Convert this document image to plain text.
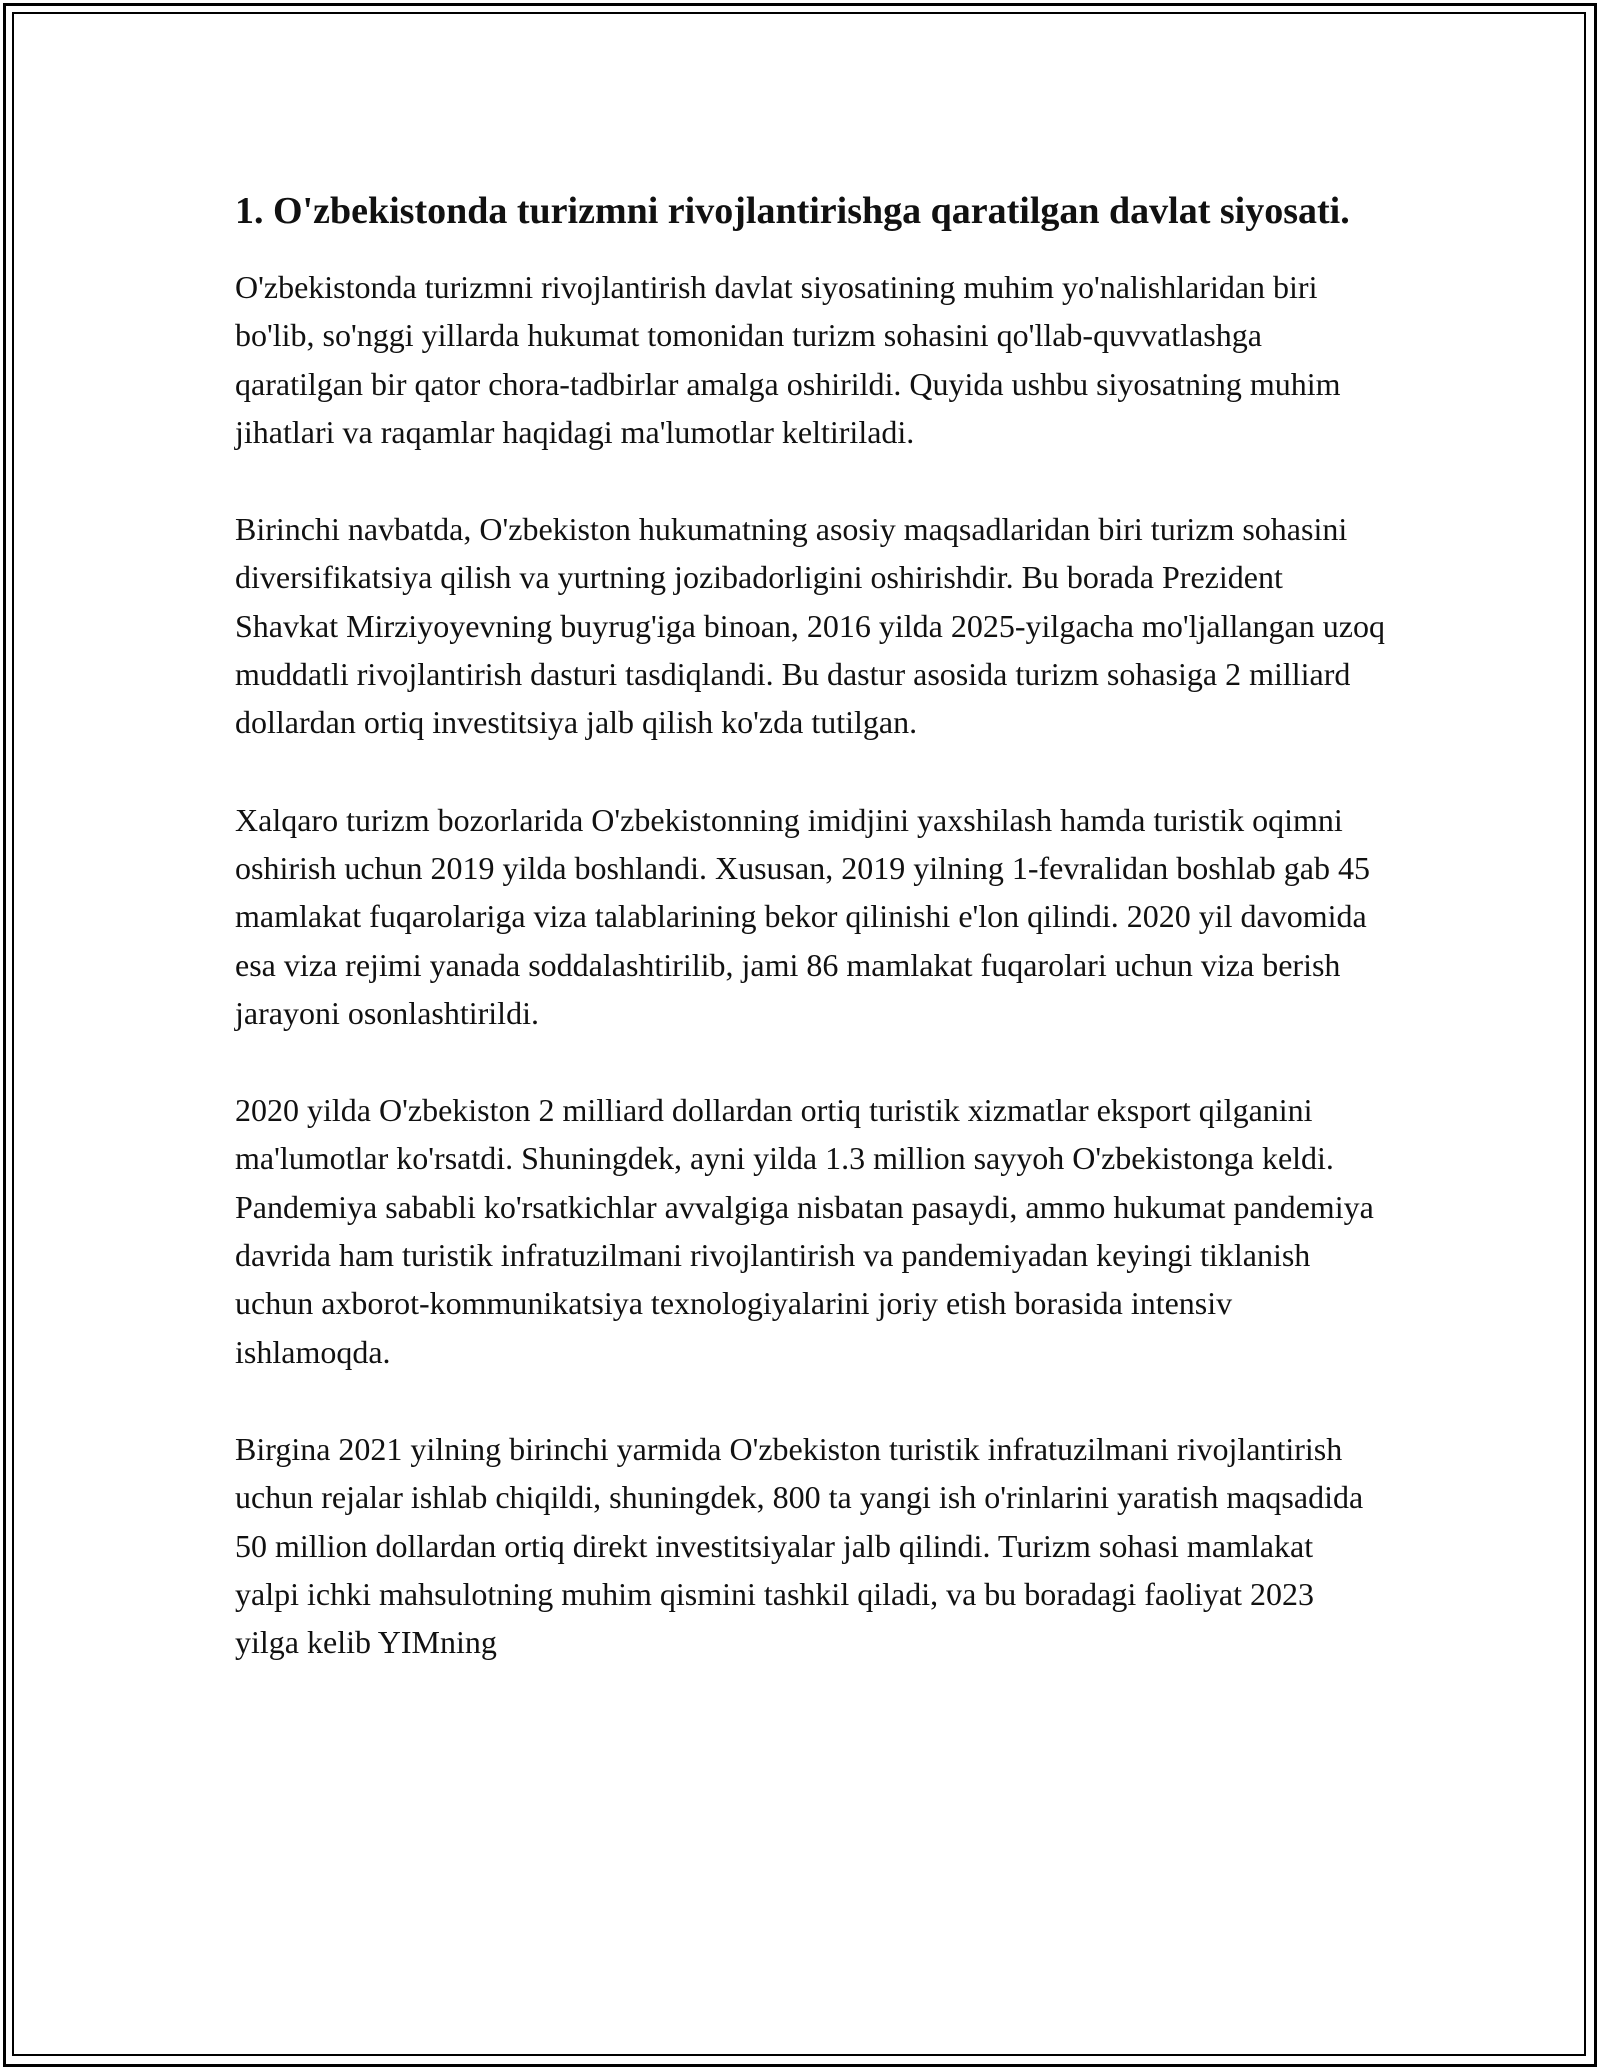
1. O'zbekistonda turizmni rivojlantirishga qaratilgan davlat siyosati.

O'zbekistonda turizmni rivojlantirish davlat siyosatining muhim yo'nalishlaridan biri bo'lib, so'nggi yillarda hukumat tomonidan turizm sohasini qo'llab-quvvatlashga qaratilgan bir qator chora-tadbirlar amalga oshirildi. Quyida ushbu siyosatning muhim jihatlari va raqamlar haqidagi ma'lumotlar keltiriladi.

Birinchi navbatda, O'zbekiston hukumatning asosiy maqsadlaridan biri turizm sohasini diversifikatsiya qilish va yurtning jozibadorligini oshirishdir. Bu borada Prezident Shavkat Mirziyoyevning buyrug'iga binoan, 2016 yilda 2025-yilgacha mo'ljallangan uzoq muddatli rivojlantirish dasturi tasdiqlandi. Bu dastur asosida turizm sohasiga 2 milliard dollardan ortiq investitsiya jalb qilish ko'zda tutilgan.

Xalqaro turizm bozorlarida O'zbekistonning imidjini yaxshilash hamda turistik oqimni oshirish uchun 2019 yilda boshlandi. Xususan, 2019 yilning 1-fevralidan boshlab gab 45 mamlakat fuqarolariga viza talablarining bekor qilinishi e'lon qilindi. 2020 yil davomida esa viza rejimi yanada soddalashtirilib, jami 86 mamlakat fuqarolari uchun viza berish jarayoni osonlashtirildi.

2020 yilda O'zbekiston 2 milliard dollardan ortiq turistik xizmatlar eksport qilganini ma'lumotlar ko'rsatdi. Shuningdek, ayni yilda 1.3 million sayyoh O'zbekistonga keldi. Pandemiya sababli ko'rsatkichlar avvalgiga nisbatan pasaydi, ammo hukumat pandemiya davrida ham turistik infratuzilmani rivojlantirish va pandemiyadan keyingi tiklanish uchun axborot-kommunikatsiya texnologiyalarini joriy etish borasida intensiv ishlamoqda.

Birgina 2021 yilning birinchi yarmida O'zbekiston turistik infratuzilmani rivojlantirish uchun rejalar ishlab chiqildi, shuningdek, 800 ta yangi ish o'rinlarini yaratish maqsadida 50 million dollardan ortiq direkt investitsiyalar jalb qilindi. Turizm sohasi mamlakat yalpi ichki mahsulotning muhim qismini tashkil qiladi, va bu boradagi faoliyat 2023 yilga kelib YIMning
